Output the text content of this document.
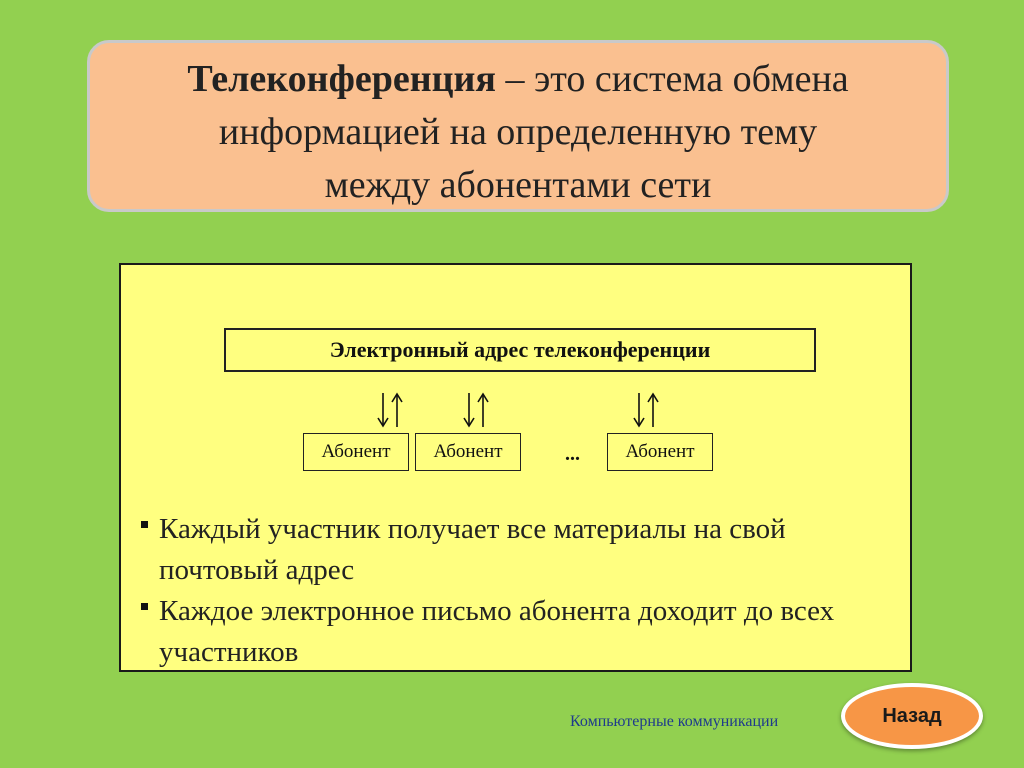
Телеконференция – это система обмена
информацией на определенную тему
между абонентами сети
Электронный адрес телеконференции
Абонент	Абонент	...	Абонент
Каждый участник получает все материалы на свой почтовый адрес
Каждое электронное письмо абонента доходит до всех участников
Компьютерные коммуникации	Назад
